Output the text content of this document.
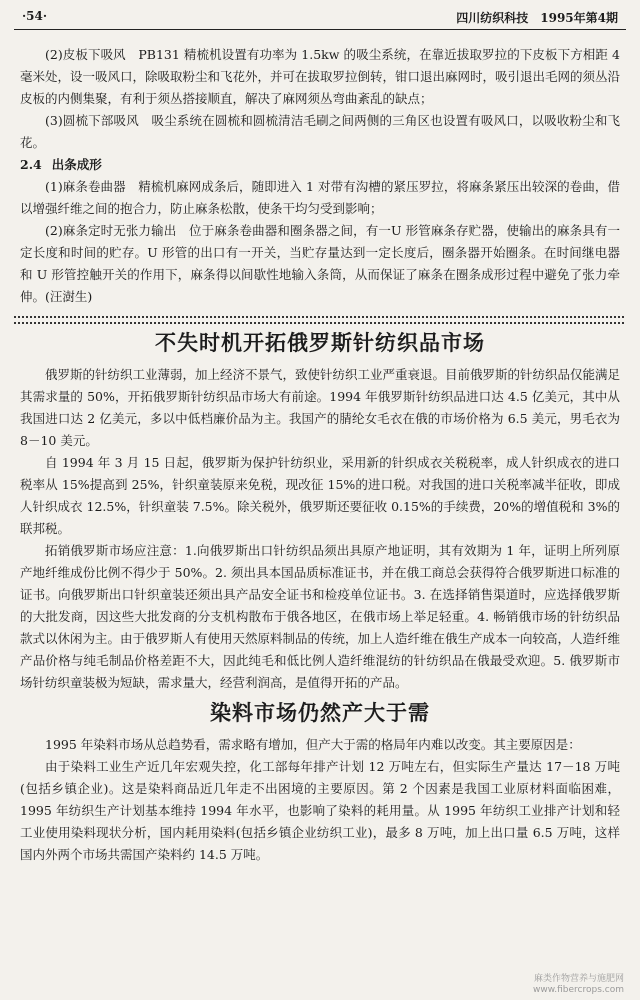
·54·	四川纺织科技　1995年第4期

(2)皮板下吸风　PB131 精梳机设置有功率为 1.5kw 的吸尘系统，在靠近拔取罗拉的下皮板下方相距 4 毫米处，设一吸风口，除吸取粉尘和飞花外，并可在拔取罗拉倒转，钳口退出麻网时，吸引退出毛网的须丛沿皮板的内侧集聚，有利于须丛搭接顺直，解决了麻网须丛弯曲紊乱的缺点；

(3)圆梳下部吸风　吸尘系统在圆梳和圆梳清洁毛刷之间两侧的三角区也设置有吸风口，以吸收粉尘和飞花。

2.4 出条成形

(1)麻条卷曲器　精梳机麻网成条后，随即进入 1 对带有沟槽的紧压罗拉，将麻条紧压出较深的卷曲，借以增强纤维之间的抱合力，防止麻条松散，使条干均匀受到影响；

(2)麻条定时无张力输出　位于麻条卷曲器和圈条器之间，有一U 形管麻条存贮器，使输出的麻条具有一定长度和时间的贮存。U 形管的出口有一开关，当贮存量达到一定长度后，圈条器开始圈条。在时间继电器和 U 形管控触开关的作用下，麻条得以间歇性地输入条筒，从而保证了麻条在圈条成形过程中避免了张力牵伸。(汪澍生)

不失时机开拓俄罗斯针纺织品市场

俄罗斯的针纺织工业薄弱，加上经济不景气，致使针纺织工业严重衰退。目前俄罗斯的针纺织品仅能满足其需求量的 50%，开拓俄罗斯针纺织品市场大有前途。1994 年俄罗斯针纺织品进口达 4.5 亿美元，其中从我国进口达 2 亿美元，多以中低档廉价品为主。我国产的腈纶女毛衣在俄的市场价格为 6.5 美元，男毛衣为 8－10 美元。

自 1994 年 3 月 15 日起，俄罗斯为保护针纺织业，采用新的针织成衣关税税率，成人针织成衣的进口税率从 15%提高到 25%，针织童装原来免税，现改征 15%的进口税。对我国的进口关税率减半征收，即成人针织成衣 12.5%，针织童装 7.5%。除关税外，俄罗斯还要征收 0.15%的手续费，20%的增值税和 3%的联邦税。

拓销俄罗斯市场应注意：1.向俄罗斯出口针纺织品须出具原产地证明，其有效期为 1 年，证明上所列原产地纤维成份比例不得少于 50%。2. 须出具本国品质标准证书，并在俄工商总会获得符合俄罗斯进口标准的证书。向俄罗斯出口针织童装还须出具产品安全证书和检疫单位证书。3. 在选择销售渠道时，应选择俄罗斯的大批发商，因这些大批发商的分支机构散布于俄各地区，在俄市场上举足轻重。4. 畅销俄市场的针纺织品款式以休闲为主。由于俄罗斯人有使用天然原料制品的传统，加上人造纤维在俄生产成本一向较高，人造纤维产品价格与纯毛制品价格差距不大，因此纯毛和低比例人造纤维混纺的针纺织品在俄最受欢迎。5. 俄罗斯市场针纺织童装极为短缺，需求量大，经营利润高，是值得开拓的产品。

染料市场仍然产大于需

1995 年染料市场从总趋势看，需求略有增加，但产大于需的格局年内难以改变。其主要原因是：

由于染料工业生产近几年宏观失控，化工部每年排产计划 12 万吨左右，但实际生产量达 17－18 万吨(包括乡镇企业)。这是染料商品近几年走不出困境的主要原因。第 2 个因素是我国工业原材料面临困难，1995 年纺织生产计划基本维持 1994 年水平，也影响了染料的耗用量。从 1995 年纺织工业排产计划和轻工业使用染料现状分析，国内耗用染料(包括乡镇企业纺织工业)，最多 8 万吨，加上出口量 6.5 万吨，这样国内外两个市场共需国产染料约 14.5 万吨。

麻类作物营养与施肥网
www.fibercrops.com
